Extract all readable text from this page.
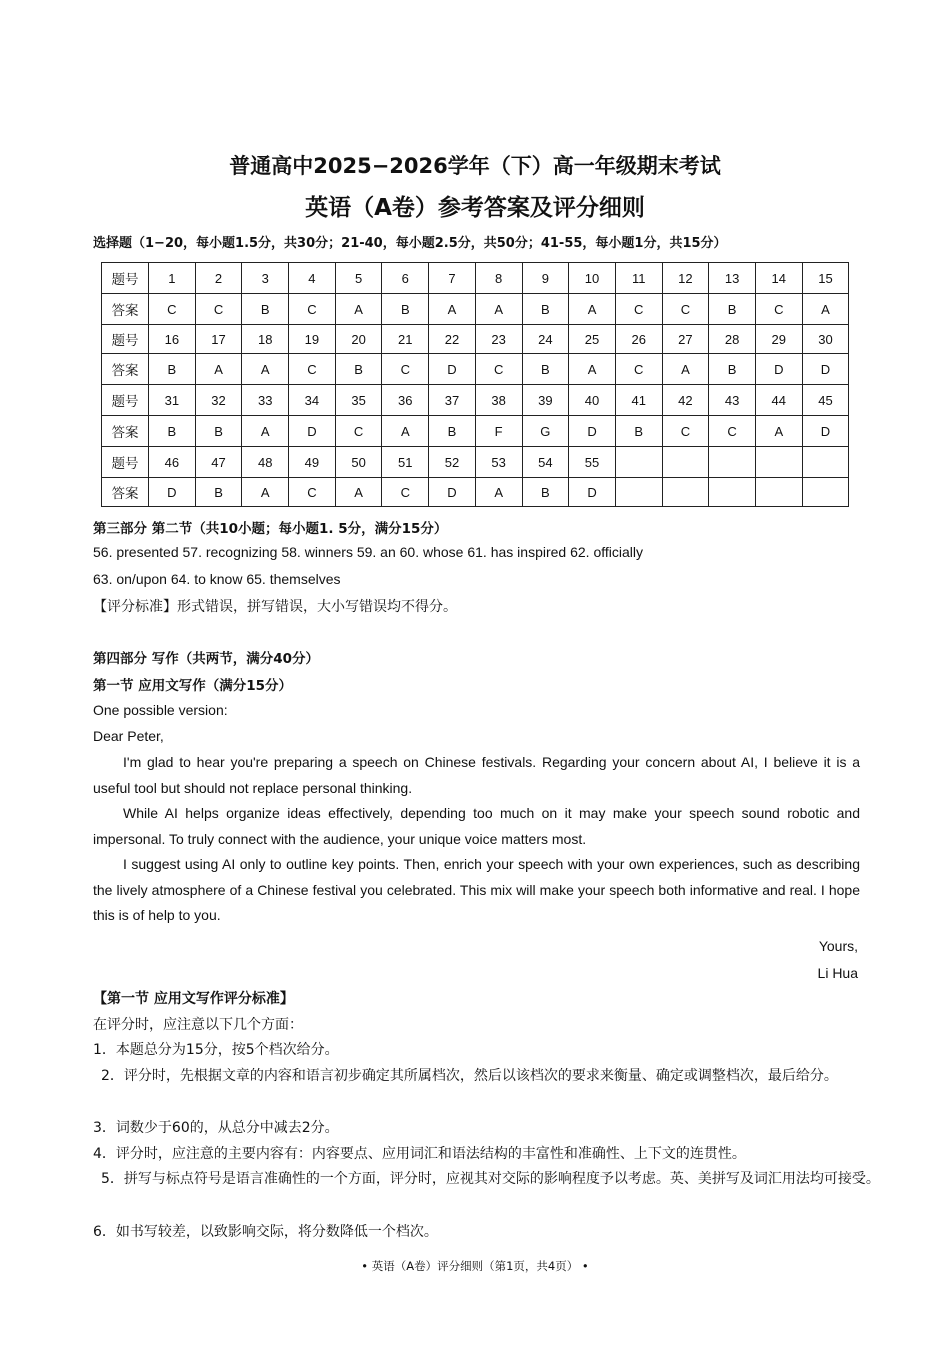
普通高中2025−2026学年（下）高一年级期末考试
英语（A卷）参考答案及评分细则
选择题（1−20，每小题1.5分，共30分；21-40，每小题2.5分，共50分；41-55，每小题1分，共15分）
题号	1	2	3	4	5	6	7	8	9	10	11	12	13	14	15
答案	C	C	B	C	A	B	A	A	B	A	C	C	B	C	A
题号	16	17	18	19	20	21	22	23	24	25	26	27	28	29	30
答案	B	A	A	C	B	C	D	C	B	A	C	A	B	D	D
题号	31	32	33	34	35	36	37	38	39	40	41	42	43	44	45
答案	B	B	A	D	C	A	B	F	G	D	B	C	C	A	D
题号	46	47	48	49	50	51	52	53	54	55					
答案	D	B	A	C	A	C	D	A	B	D					
第三部分 第二节（共10小题；每小题1. 5分，满分15分）
56. presented 57. recognizing 58. winners 59. an 60. whose 61. has inspired 62. officially
63. on/upon 64. to know 65. themselves
【评分标准】形式错误，拼写错误，大小写错误均不得分。
第四部分 写作（共两节，满分40分）
第一节 应用文写作（满分15分）
One possible version:
Dear Peter,
I'm glad to hear you're preparing a speech on Chinese festivals. Regarding your concern about AI, I believe it is a useful tool but should not replace personal thinking.
While AI helps organize ideas effectively, depending too much on it may make your speech sound robotic and impersonal. To truly connect with the audience, your unique voice matters most.
I suggest using AI only to outline key points. Then, enrich your speech with your own experiences, such as describing the lively atmosphere of a Chinese festival you celebrated. This mix will make your speech both informative and real. I hope this is of help to you.
Yours,
Li Hua
【第一节 应用文写作评分标准】
在评分时，应注意以下几个方面：
1．本题总分为15分，按5个档次给分。
2．评分时，先根据文章的内容和语言初步确定其所属档次，然后以该档次的要求来衡量、确定或调整档次，最后给分。
3．词数少于60的，从总分中减去2分。
4．评分时，应注意的主要内容有：内容要点、应用词汇和语法结构的丰富性和准确性、上下文的连贯性。
5．拼写与标点符号是语言准确性的一个方面，评分时，应视其对交际的影响程度予以考虑。英、美拼写及词汇用法均可接受。
6．如书写较差，以致影响交际，将分数降低一个档次。
• 英语（A卷）评分细则（第1页，共4页） •
